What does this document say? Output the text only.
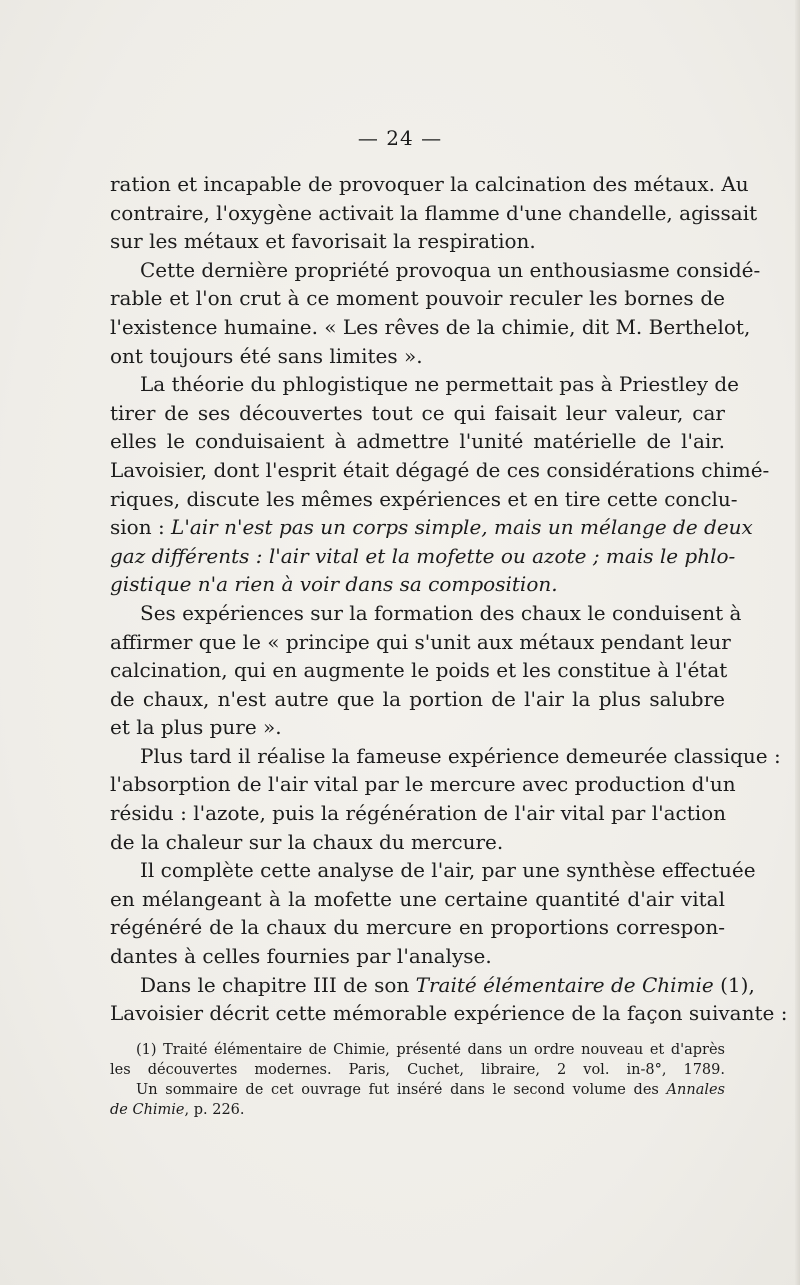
— 24 —
ration et incapable de provoquer la calcination des métaux. Au
contraire, l'oxygène activait la flamme d'une chandelle, agissait
sur les métaux et favorisait la respiration.
Cette dernière propriété provoqua un enthousiasme considé-
rable et l'on crut à ce moment pouvoir reculer les bornes de
l'existence humaine. « Les rêves de la chimie, dit M. Berthelot,
ont toujours été sans limites ».
La théorie du phlogistique ne permettait pas à Priestley de
tirer de ses découvertes tout ce qui faisait leur valeur, car
elles le conduisaient à admettre l'unité matérielle de l'air.
Lavoisier, dont l'esprit était dégagé de ces considérations chimé-
riques, discute les mêmes expériences et en tire cette conclu-
sion : L'air n'est pas un corps simple, mais un mélange de deux
gaz différents : l'air vital et la mofette ou azote ; mais le phlo-
gistique n'a rien à voir dans sa composition.
Ses expériences sur la formation des chaux le conduisent à
affirmer que le « principe qui s'unit aux métaux pendant leur
calcination, qui en augmente le poids et les constitue à l'état
de chaux, n'est autre que la portion de l'air la plus salubre
et la plus pure ».
Plus tard il réalise la fameuse expérience demeurée classique :
l'absorption de l'air vital par le mercure avec production d'un
résidu : l'azote, puis la régénération de l'air vital par l'action
de la chaleur sur la chaux du mercure.
Il complète cette analyse de l'air, par une synthèse effectuée
en mélangeant à la mofette une certaine quantité d'air vital
régénéré de la chaux du mercure en proportions correspon-
dantes à celles fournies par l'analyse.
Dans le chapitre III de son Traité élémentaire de Chimie (1),
Lavoisier décrit cette mémorable expérience de la façon suivante :
(1) Traité élémentaire de Chimie, présenté dans un ordre nouveau et d'après
les découvertes modernes. Paris, Cuchet, libraire, 2 vol. in-8°, 1789.
Un sommaire de cet ouvrage fut inséré dans le second volume des Annales
de Chimie, p. 226.
